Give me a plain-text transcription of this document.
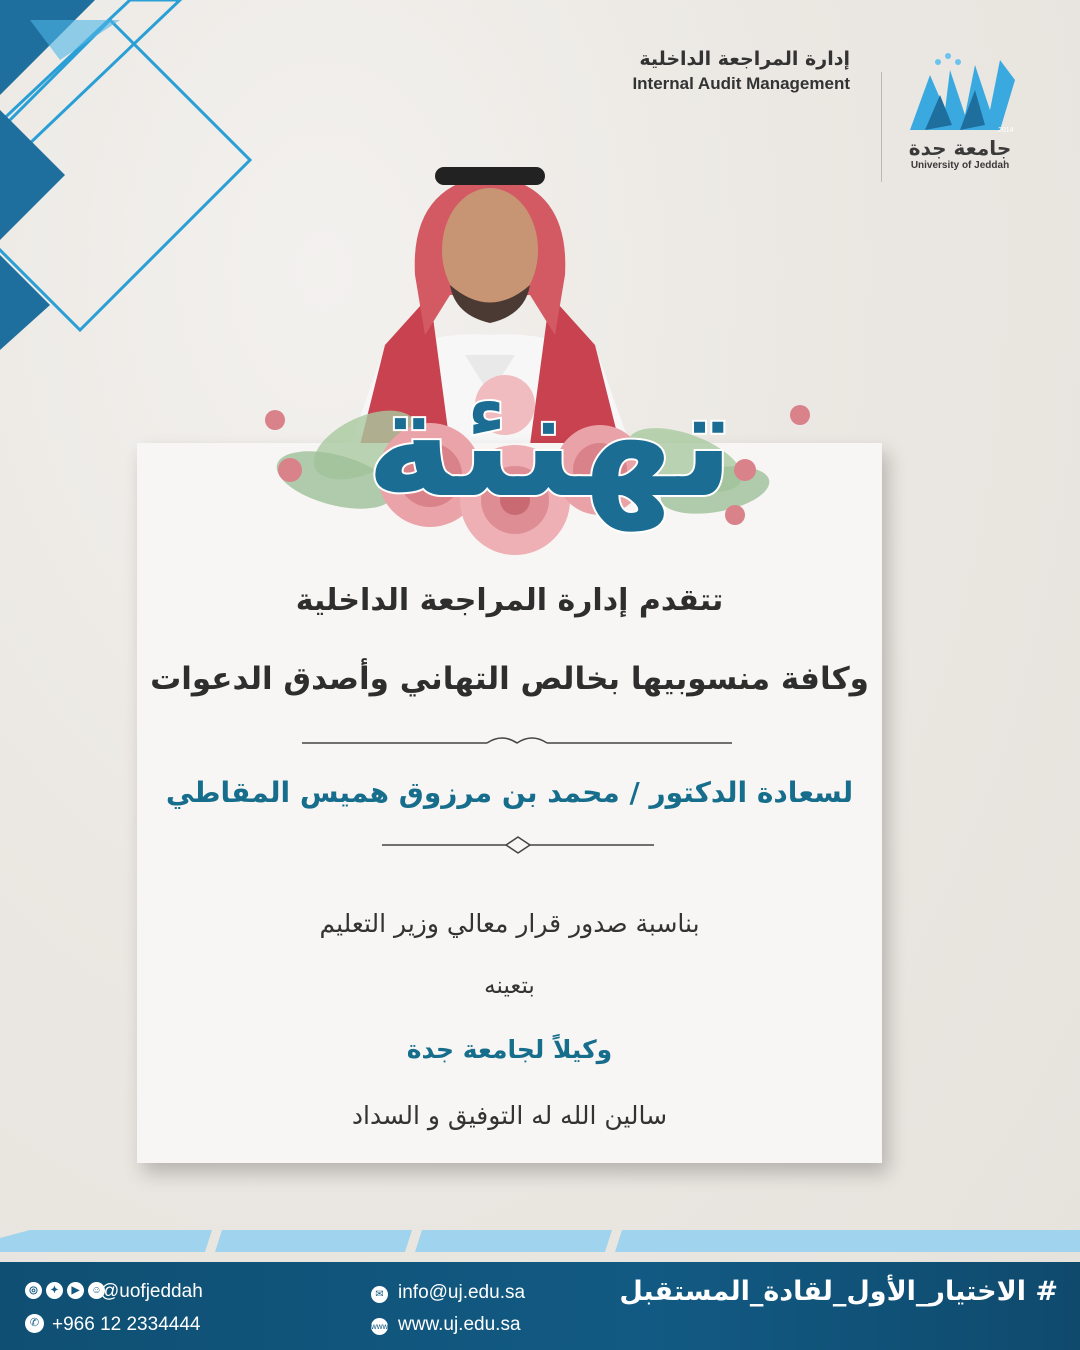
إدارة المراجعة الداخلية
Internal Audit Management
2014
جامعة جدة
University of Jeddah
تتقدم إدارة المراجعة الداخلية
وكافة منسوبيها بخالص التهاني وأصدق الدعوات
لسعادة الدكتور / محمد بن مرزوق هميس المقاطي
بناسبة صدور قرار معالي وزير التعليم
بتعينه
وكيلاً لجامعة جدة
سالين الله له التوفيق و السداد
تهنئة
◎	✦	▶	☺
@uofjeddah
✆ +966 12 2334444
✉ info@uj.edu.sa
www www.uj.edu.sa
# الاختيار_الأول_لقادة_المستقبل
